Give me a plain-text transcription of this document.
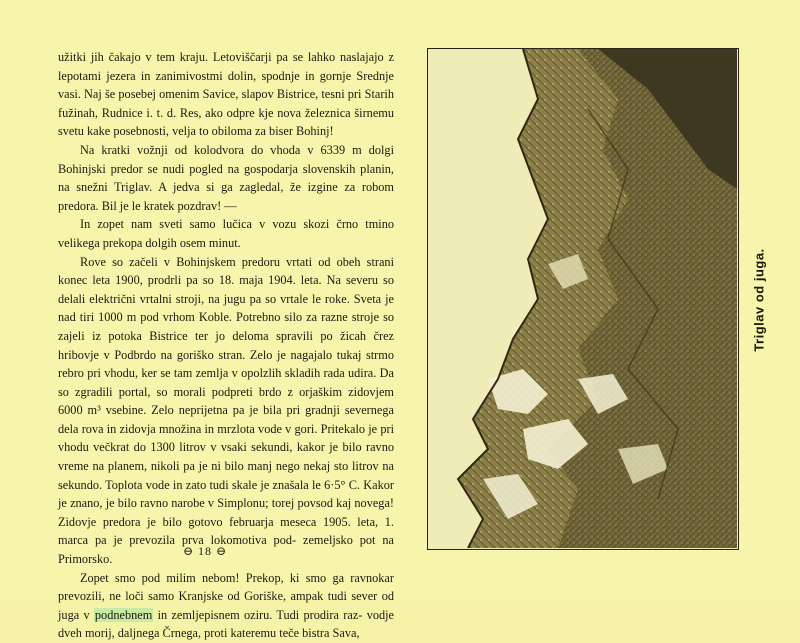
užitki jih čakajo v tem kraju. Letoviščarji pa se lahko naslajajo z lepotami jezera in zanimivostmi dolin, spodnje in gornje Srednje vasi. Naj še posebej omenim Savice, slapov Bistrice, tesni pri Starih fužinah, Rudnice i. t. d. Res, ako odpre kje nova železnica širnemu svetu kake posebnosti, velja to obiloma za biser Bohinj!

Na kratki vožnji od kolodvora do vhoda v 6339 m dolgi Bohinjski predor se nudi pogled na gospodarja slovenskih planin, na snežni Triglav. A jedva si ga zagledal, že izgine za robom predora. Bil je le kratek pozdrav! —

In zopet nam sveti samo lučica v vozu skozi črno tmino velikega prekopa dolgih osem minut.

Rove so začeli v Bohinjskem predoru vrtati od obeh strani konec leta 1900, prodrli pa so 18. maja 1904. leta. Na severu so delali električni vrtalni stroji, na jugu pa so vrtale le roke. Sveta je nad tiri 1000 m pod vrhom Koble. Potrebno silo za razne stroje so zajeli iz potoka Bistrice ter jo deloma spravili po žicah črez hribovje v Podbrdo na goriško stran. Zelo je nagajalo tukaj strmo rebro pri vhodu, ker se tam zemlja v opolzlih skladih rada udira. Da so zgradili portal, so morali podpreti brdo z orjaškim zidovjem 6000 m³ vsebine. Zelo neprijetna pa je bila pri gradnji severnega dela rova in zidovja množina in mrzlota vode v gori. Pritekalo je pri vhodu večkrat do 1300 litrov v vsaki sekundi, kakor je bilo ravno vreme na planem, nikoli pa je ni bilo manj nego nekaj sto litrov na sekundo. Toplota vode in zato tudi skale je znašala le 6·5° C. Kakor je znano, je bilo ravno narobe v Simplonu; torej povsod kaj novega! Zidovje predora je bilo gotovo februarja meseca 1905. leta, 1. marca pa je prevozila prva lokomotiva pod- zemeljsko pot na Primorsko.

Zopet smo pod milim nebom! Prekop, ki smo ga ravnokar prevozili, ne loči samo Kranjske od Goriške, ampak tudi sever od juga v podnebnem in zemljepisnem oziru. Tudi prodira raz- vodje dveh morij, daljnega Črnega, proti kateremu teče bistra Sava,

⊖ 18 ⊖
Triglav od juga.
